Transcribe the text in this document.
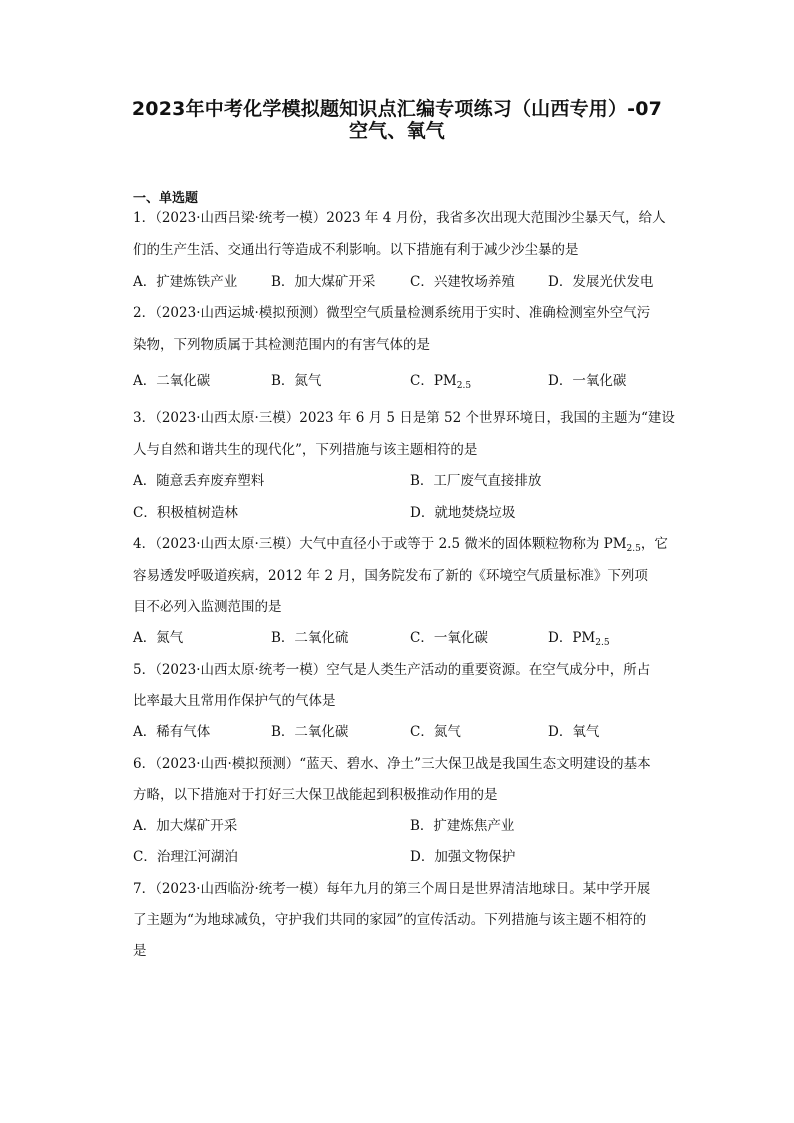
2023年中考化学模拟题知识点汇编专项练习（山西专用）-07
空气、氧气
一、单选题
1．（2023·山西吕梁·统考一模）2023 年 4 月份，我省多次出现大范围沙尘暴天气，给人
们的生产生活、交通出行等造成不利影响。以下措施有利于减少沙尘暴的是
A．扩建炼铁产业	B．加大煤矿开采	C．兴建牧场养殖 D．发展光伏发电
2．（2023·山西运城·模拟预测）微型空气质量检测系统用于实时、准确检测室外空气污
染物，下列物质属于其检测范围内的有害气体的是
A．二氧化碳	B．氮气	C．$PM_{2.5}$	D．一氧化碳
3．（2023·山西太原·三模）2023 年 6 月 5 日是第 52 个世界环境日，我国的主题为“建设
人与自然和谐共生的现代化”，下列措施与该主题相符的是
A．随意丢弃废弃塑料	B．工厂废气直接排放
C．积极植树造林	D．就地焚烧垃圾
4．（2023·山西太原·三模）大气中直径小于或等于 2.5 微米的固体颗粒物称为 $PM_{2.5}$，它
容易透发呼吸道疾病，2012 年 2 月，国务院发布了新的《环境空气质量标准》下列项
目不必列入监测范围的是
A．氮气	B．二氧化硫	C．一氧化碳	D．$PM_{2.5}$
5．（2023·山西太原·统考一模）空气是人类生产活动的重要资源。在空气成分中，所占
比率最大且常用作保护气的气体是
A．稀有气体	B．二氧化碳	C．氮气	D．氧气
6．（2023·山西·模拟预测）“蓝天、碧水、净土”三大保卫战是我国生态文明建设的基本
方略，以下措施对于打好三大保卫战能起到积极推动作用的是
A．加大煤矿开采	B．扩建炼焦产业
C．治理江河湖泊	D．加强文物保护
7．（2023·山西临汾·统考一模）每年九月的第三个周日是世界清洁地球日。某中学开展
了主题为“为地球减负，守护我们共同的家园”的宣传活动。下列措施与该主题不相符的
是
